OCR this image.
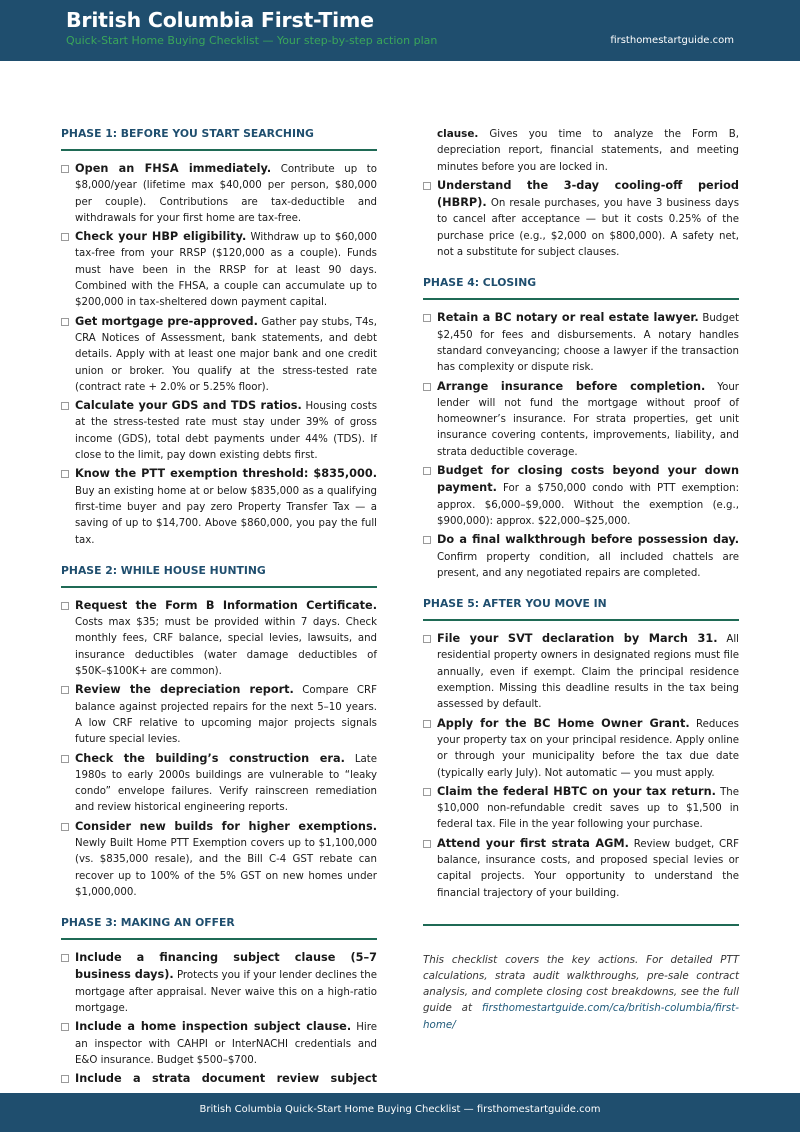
British Columbia First-Time
Quick-Start Home Buying Checklist — Your step-by-step action plan	firsthomestartguide.com
PHASE 1: BEFORE YOU START SEARCHING
Open an FHSA immediately. Contribute up to $8,000/year (lifetime max $40,000 per person, $80,000 per couple). Contributions are tax-deductible and withdrawals for your first home are tax-free.
Check your HBP eligibility. Withdraw up to $60,000 tax-free from your RRSP ($120,000 as a couple). Funds must have been in the RRSP for at least 90 days. Combined with the FHSA, a couple can accumulate up to $200,000 in tax-sheltered down payment capital.
Get mortgage pre-approved. Gather pay stubs, T4s, CRA Notices of Assessment, bank statements, and debt details. Apply with at least one major bank and one credit union or broker. You qualify at the stress-tested rate (contract rate + 2.0% or 5.25% floor).
Calculate your GDS and TDS ratios. Housing costs at the stress-tested rate must stay under 39% of gross income (GDS), total debt payments under 44% (TDS). If close to the limit, pay down existing debts first.
Know the PTT exemption threshold: $835,000. Buy an existing home at or below $835,000 as a qualifying first-time buyer and pay zero Property Transfer Tax — a saving of up to $14,700. Above $860,000, you pay the full tax.
PHASE 2: WHILE HOUSE HUNTING
Request the Form B Information Certificate. Costs max $35; must be provided within 7 days. Check monthly fees, CRF balance, special levies, lawsuits, and insurance deductibles (water damage deductibles of $50K–$100K+ are common).
Review the depreciation report. Compare CRF balance against projected repairs for the next 5–10 years. A low CRF relative to upcoming major projects signals future special levies.
Check the building’s construction era. Late 1980s to early 2000s buildings are vulnerable to “leaky condo” envelope failures. Verify rainscreen remediation and review historical engineering reports.
Consider new builds for higher exemptions. Newly Built Home PTT Exemption covers up to $1,100,000 (vs. $835,000 resale), and the Bill C-4 GST rebate can recover up to 100% of the 5% GST on new homes under $1,000,000.
PHASE 3: MAKING AN OFFER
Include a financing subject clause (5–7 business days). Protects you if your lender declines the mortgage after appraisal. Never waive this on a high-ratio mortgage.
Include a home inspection subject clause. Hire an inspector with CAHPI or InterNACHI credentials and E&O insurance. Budget $500–$700.
Include a strata document review subject
clause. Gives you time to analyze the Form B, depreciation report, financial statements, and meeting minutes before you are locked in.
Understand the 3-day cooling-off period (HBRP). On resale purchases, you have 3 business days to cancel after acceptance — but it costs 0.25% of the purchase price (e.g., $2,000 on $800,000). A safety net, not a substitute for subject clauses.
PHASE 4: CLOSING
Retain a BC notary or real estate lawyer. Budget $2,450 for fees and disbursements. A notary handles standard conveyancing; choose a lawyer if the transaction has complexity or dispute risk.
Arrange insurance before completion. Your lender will not fund the mortgage without proof of homeowner’s insurance. For strata properties, get unit insurance covering contents, improvements, liability, and strata deductible coverage.
Budget for closing costs beyond your down payment. For a $750,000 condo with PTT exemption: approx. $6,000–$9,000. Without the exemption (e.g., $900,000): approx. $22,000–$25,000.
Do a final walkthrough before possession day. Confirm property condition, all included chattels are present, and any negotiated repairs are completed.
PHASE 5: AFTER YOU MOVE IN
File your SVT declaration by March 31. All residential property owners in designated regions must file annually, even if exempt. Claim the principal residence exemption. Missing this deadline results in the tax being assessed by default.
Apply for the BC Home Owner Grant. Reduces your property tax on your principal residence. Apply online or through your municipality before the tax due date (typically early July). Not automatic — you must apply.
Claim the federal HBTC on your tax return. The $10,000 non-refundable credit saves up to $1,500 in federal tax. File in the year following your purchase.
Attend your first strata AGM. Review budget, CRF balance, insurance costs, and proposed special levies or capital projects. Your opportunity to understand the financial trajectory of your building.

This checklist covers the key actions. For detailed PTT calculations, strata audit walkthroughs, pre-sale contract analysis, and complete closing cost breakdowns, see the full guide at firsthomestartguide.com/ca/british-columbia/first-home/

British Columbia Quick-Start Home Buying Checklist — firsthomestartguide.com
